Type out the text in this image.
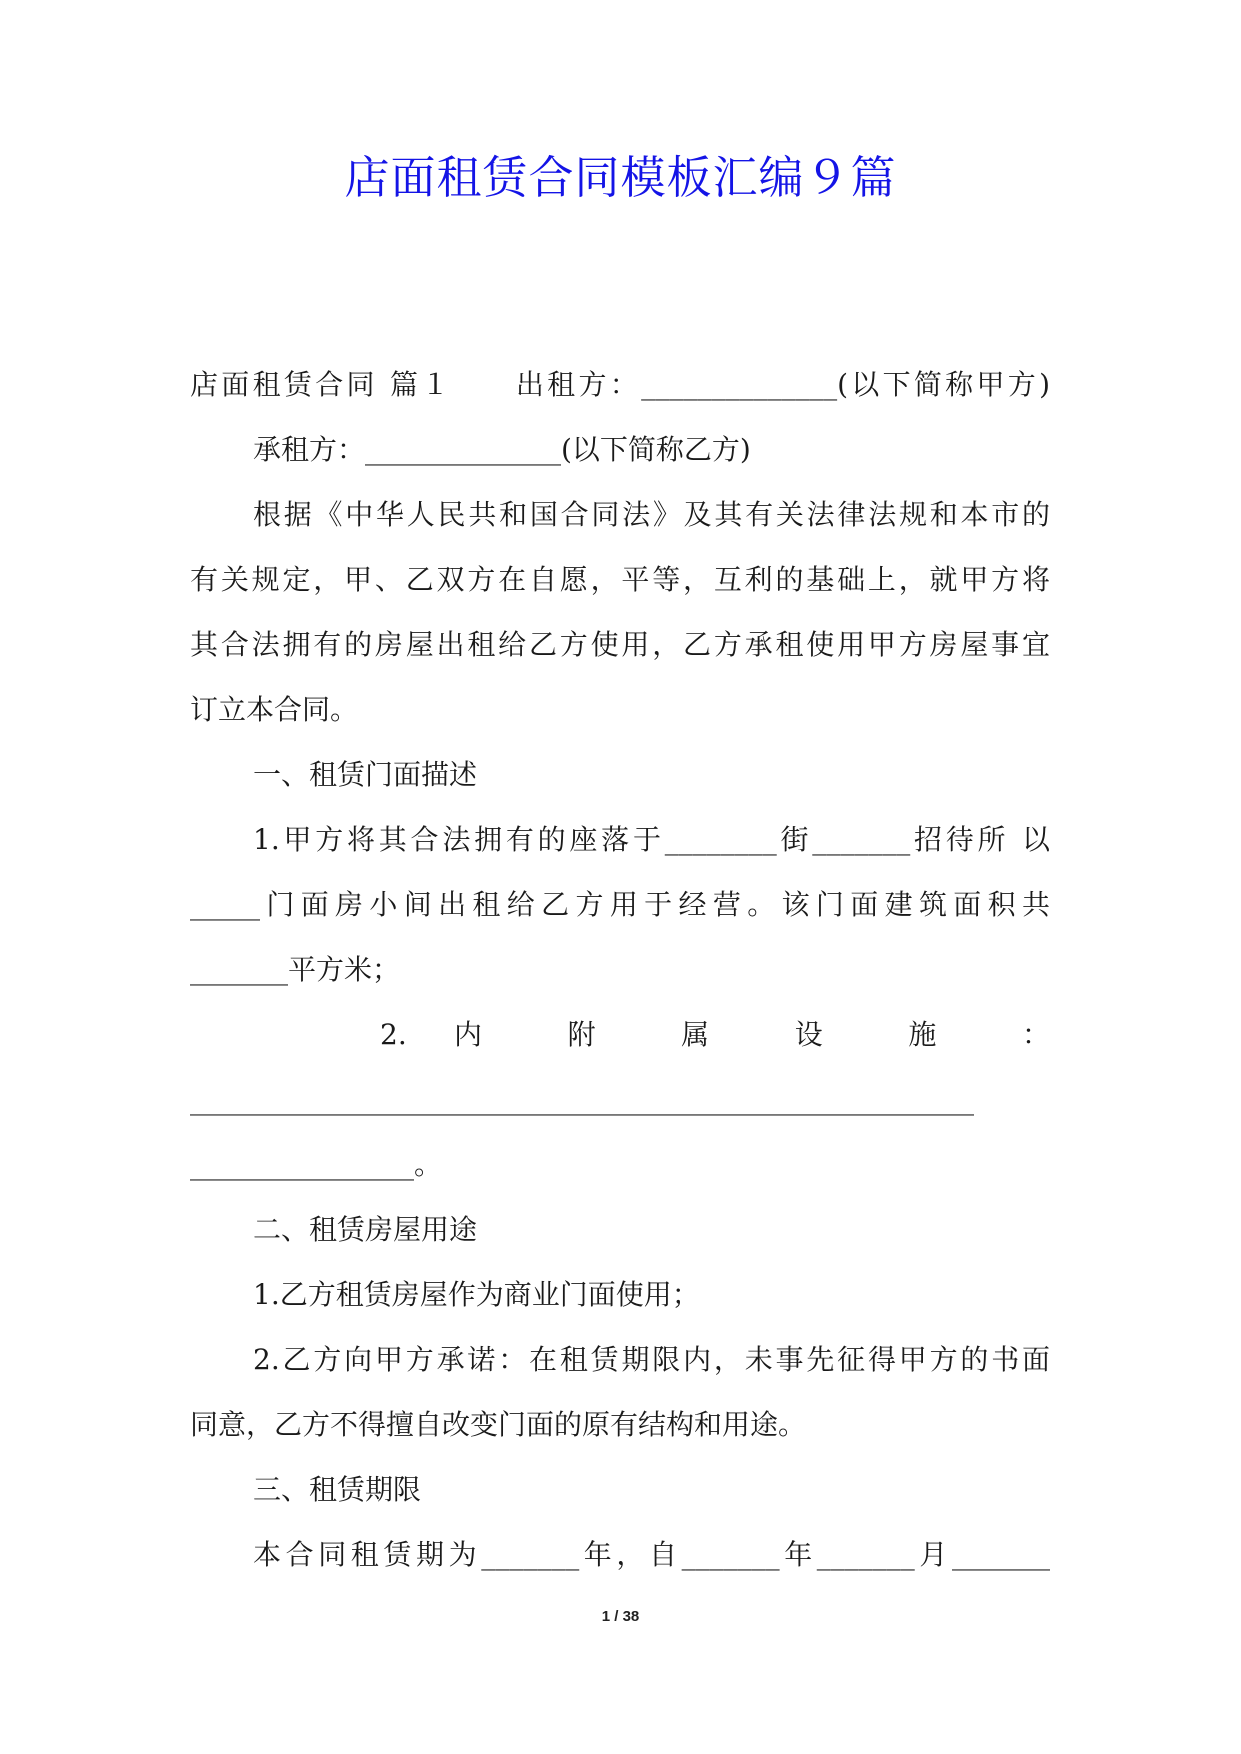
店面租赁合同模板汇编９篇
店面租赁合同 篇１ 出租方：______________(以下简称甲方)
承租方：______________(以下简称乙方)
根据《中华人民共和国合同法》及其有关法律法规和本市的
有关规定，甲、乙双方在自愿，平等，互利的基础上，就甲方将
其合法拥有的房屋出租给乙方使用，乙方承租使用甲方房屋事宜
订立本合同。
一、租赁门面描述
1.甲方将其合法拥有的座落于________街_______招待所 以
_____门面房小间出租给乙方用于经营。该门面建筑面积共
_______平方米；
2. 内 附 属 设 施 ：
________________________________________________________
________________。
二、租赁房屋用途
1.乙方租赁房屋作为商业门面使用；
2.乙方向甲方承诺：在租赁期限内，未事先征得甲方的书面
同意，乙方不得擅自改变门面的原有结构和用途。
三、租赁期限
本合同租赁期为_______年，自_______年_______月_______
1 / 38
